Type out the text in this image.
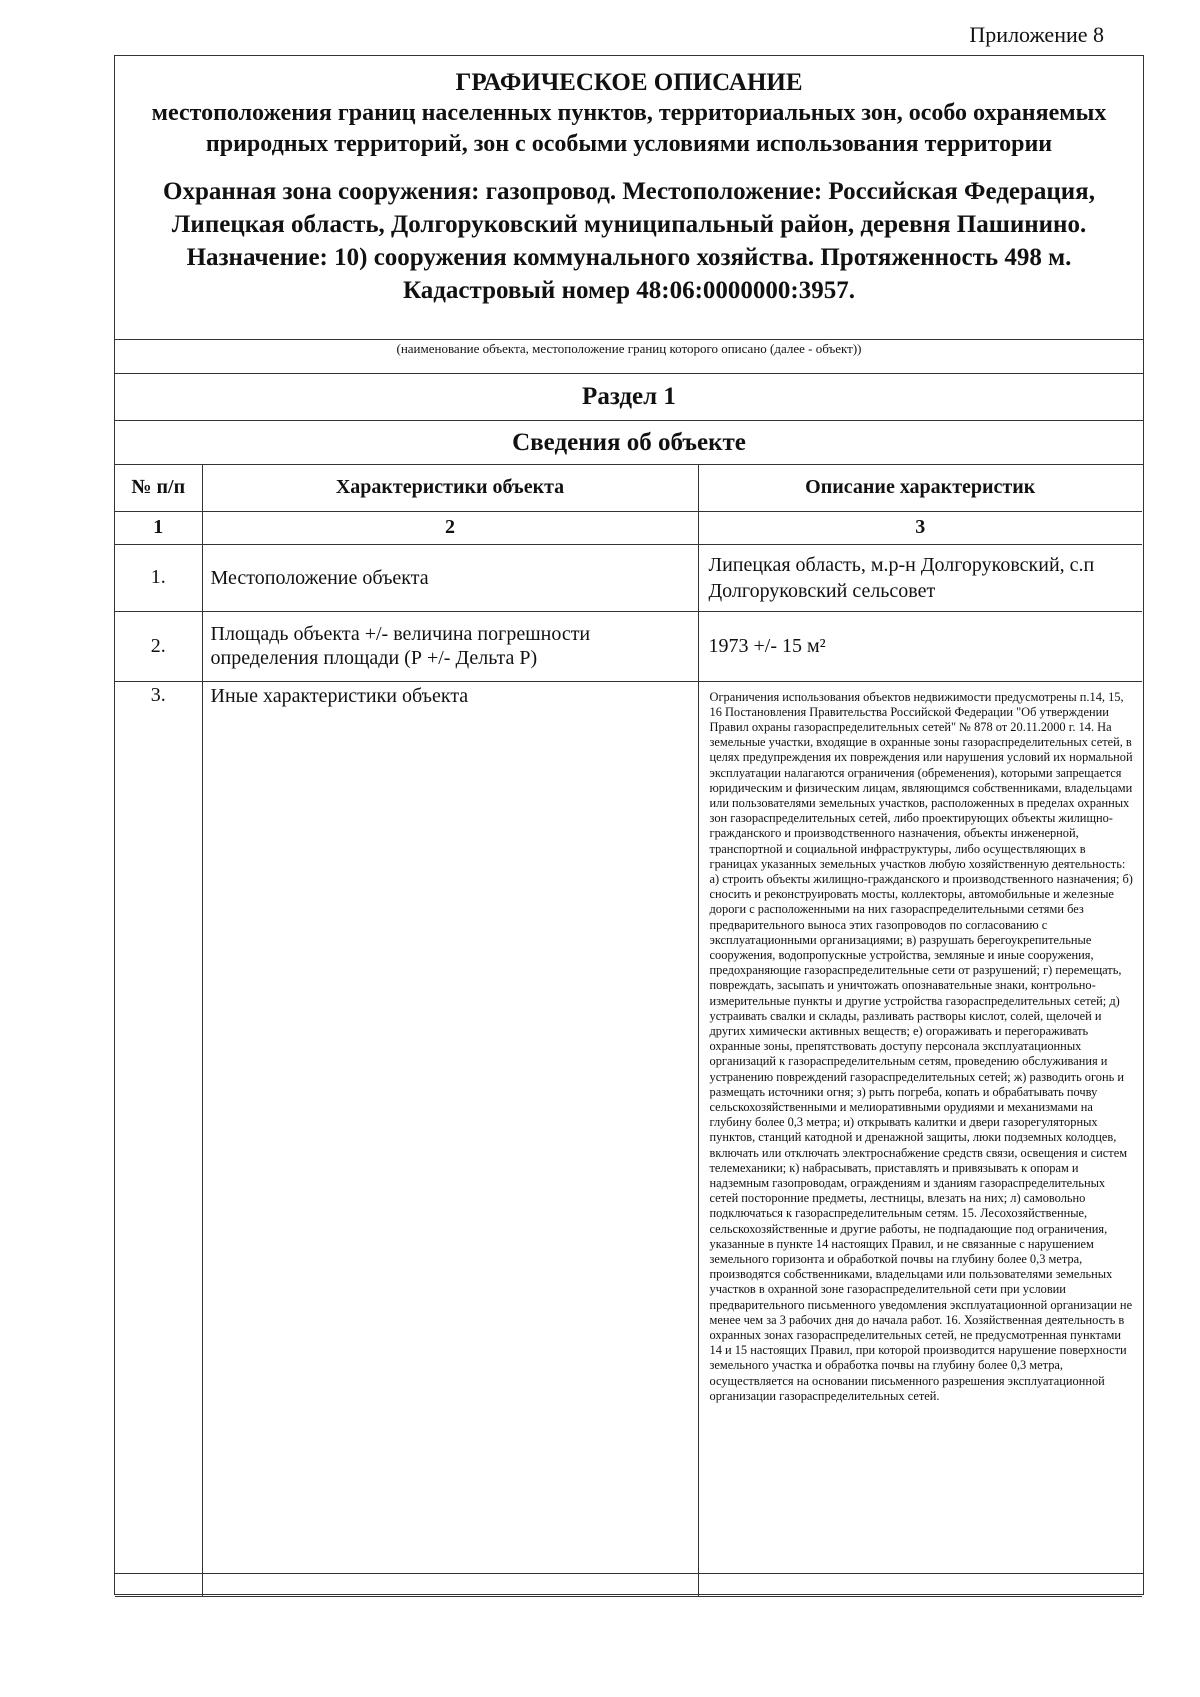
Приложение 8
ГРАФИЧЕСКОЕ ОПИСАНИЕ
местоположения границ населенных пунктов, территориальных зон, особо охраняемых природных территорий, зон с особыми условиями использования территории
Охранная зона сооружения: газопровод. Местоположение: Российская Федерация, Липецкая область, Долгоруковский муниципальный район, деревня Пашинино. Назначение: 10) сооружения коммунального хозяйства. Протяженность 498 м. Кадастровый номер 48:06:0000000:3957.
(наименование объекта, местоположение границ которого описано (далее - объект))
Раздел 1
Сведения об объекте
№ п/п	Характеристики объекта	Описание характеристик
1	2	3
1.	Местоположение объекта	Липецкая область, м.р-н Долгоруковский, с.п Долгоруковский сельсовет
2.	Площадь объекта +/- величина погрешности определения площади (Р +/- Дельта Р)	1973 +/- 15 м²
3.	Иные характеристики объекта	Ограничения использования объектов недвижимости предусмотрены п.14, 15, 16 Постановления Правительства Российской Федерации "Об утверждении Правил охраны газораспределительных сетей" № 878 от 20.11.2000 г. 14. На земельные участки, входящие в охранные зоны газораспределительных сетей, в целях предупреждения их повреждения или нарушения условий их нормальной эксплуатации налагаются ограничения (обременения), которыми запрещается юридическим и физическим лицам, являющимся собственниками, владельцами или пользователями земельных участков, расположенных в пределах охранных зон газораспределительных сетей, либо проектирующих объекты жилищно-гражданского и производственного назначения, объекты инженерной, транспортной и социальной инфраструктуры, либо осуществляющих в границах указанных земельных участков любую хозяйственную деятельность: а) строить объекты жилищно-гражданского и производственного назначения; б) сносить и реконструировать мосты, коллекторы, автомобильные и железные дороги с расположенными на них газораспределительными сетями без предварительного выноса этих газопроводов по согласованию с эксплуатационными организациями; в) разрушать берегоукрепительные сооружения, водопропускные устройства, земляные и иные сооружения, предохраняющие газораспределительные сети от разрушений; г) перемещать, повреждать, засыпать и уничтожать опознавательные знаки, контрольно-измерительные пункты и другие устройства газораспределительных сетей; д) устраивать свалки и склады, разливать растворы кислот, солей, щелочей и других химически активных веществ; е) огораживать и перегораживать охранные зоны, препятствовать доступу персонала эксплуатационных организаций к газораспределительным сетям, проведению обслуживания и устранению повреждений газораспределительных сетей; ж) разводить огонь и размещать источники огня; з) рыть погреба, копать и обрабатывать почву сельскохозяйственными и мелиоративными орудиями и механизмами на глубину более 0,3 метра; и) открывать калитки и двери газорегуляторных пунктов, станций катодной и дренажной защиты, люки подземных колодцев, включать или отключать электроснабжение средств связи, освещения и систем телемеханики; к) набрасывать, приставлять и привязывать к опорам и надземным газопроводам, ограждениям и зданиям газораспределительных сетей посторонние предметы, лестницы, влезать на них; л) самовольно подключаться к газораспределительным сетям. 15. Лесохозяйственные, сельскохозяйственные и другие работы, не подпадающие под ограничения, указанные в пункте 14 настоящих Правил, и не связанные с нарушением земельного горизонта и обработкой почвы на глубину более 0,3 метра, производятся собственниками, владельцами или пользователями земельных участков в охранной зоне газораспределительной сети при условии предварительного письменного уведомления эксплуатационной организации не менее чем за 3 рабочих дня до начала работ. 16. Хозяйственная деятельность в охранных зонах газораспределительных сетей, не предусмотренная пунктами 14 и 15 настоящих Правил, при которой производится нарушение поверхности земельного участка и обработка почвы на глубину более 0,3 метра, осуществляется на основании письменного разрешения эксплуатационной организации газораспределительных сетей.
